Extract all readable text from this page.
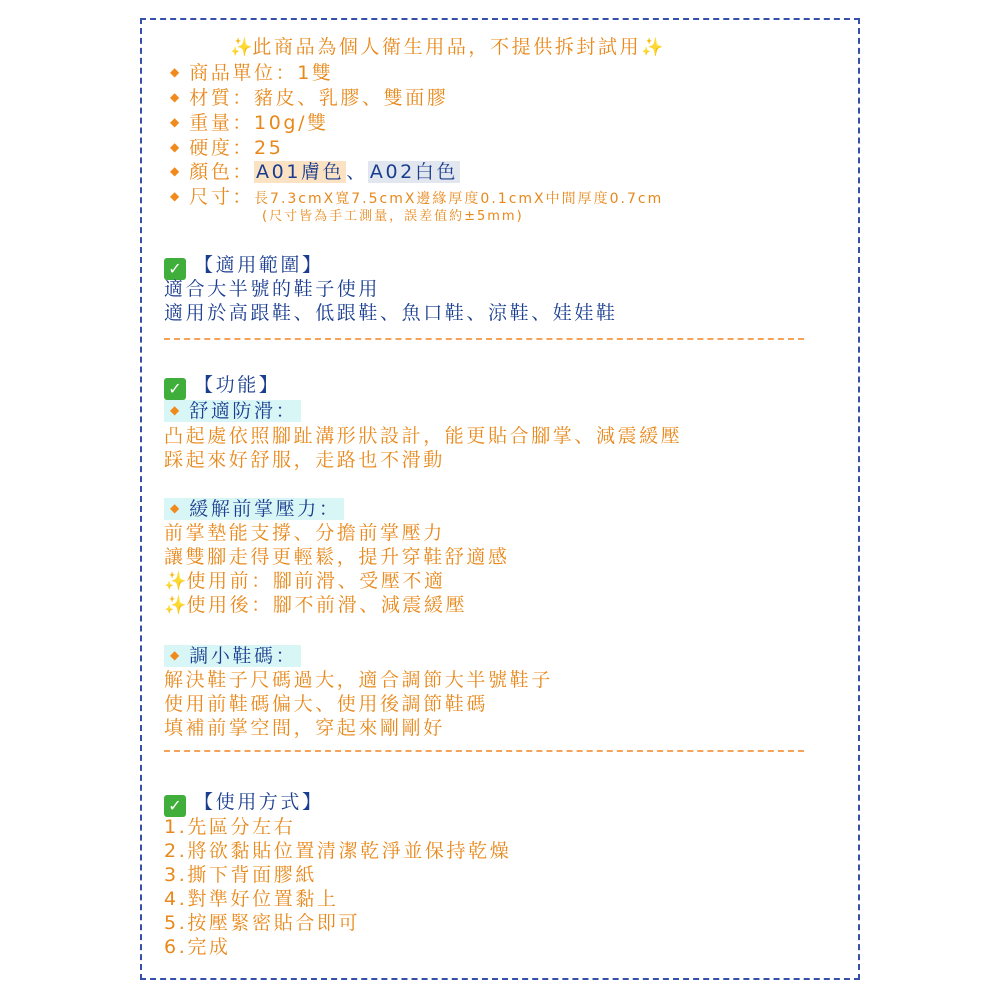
✨此商品為個人衛生用品，不提供拆封試用✨
◆ 商品單位：1雙
◆ 材質：豬皮、乳膠、雙面膠
◆ 重量：10g/雙
◆ 硬度：25
◆ 顏色： A01膚色 、 A02白色
◆ 尺寸：長7.3cmX寬7.5cmX邊緣厚度0.1cmX中間厚度0.7cm
(尺寸皆為手工測量，誤差值約±5mm)
✓ 【適用範圍】
適合大半號的鞋子使用
適用於高跟鞋、低跟鞋、魚口鞋、涼鞋、娃娃鞋
✓ 【功能】
◆ 舒適防滑：
凸起處依照腳趾溝形狀設計，能更貼合腳掌、減震緩壓
踩起來好舒服，走路也不滑動
◆ 緩解前掌壓力：
前掌墊能支撐、分擔前掌壓力
讓雙腳走得更輕鬆，提升穿鞋舒適感
✨使用前：腳前滑、受壓不適
✨使用後：腳不前滑、減震緩壓
◆ 調小鞋碼：
解決鞋子尺碼過大，適合調節大半號鞋子
使用前鞋碼偏大、使用後調節鞋碼
填補前掌空間，穿起來剛剛好
✓ 【使用方式】
1.先區分左右
2.將欲黏貼位置清潔乾淨並保持乾燥
3.撕下背面膠紙
4.對準好位置黏上
5.按壓緊密貼合即可
6.完成
